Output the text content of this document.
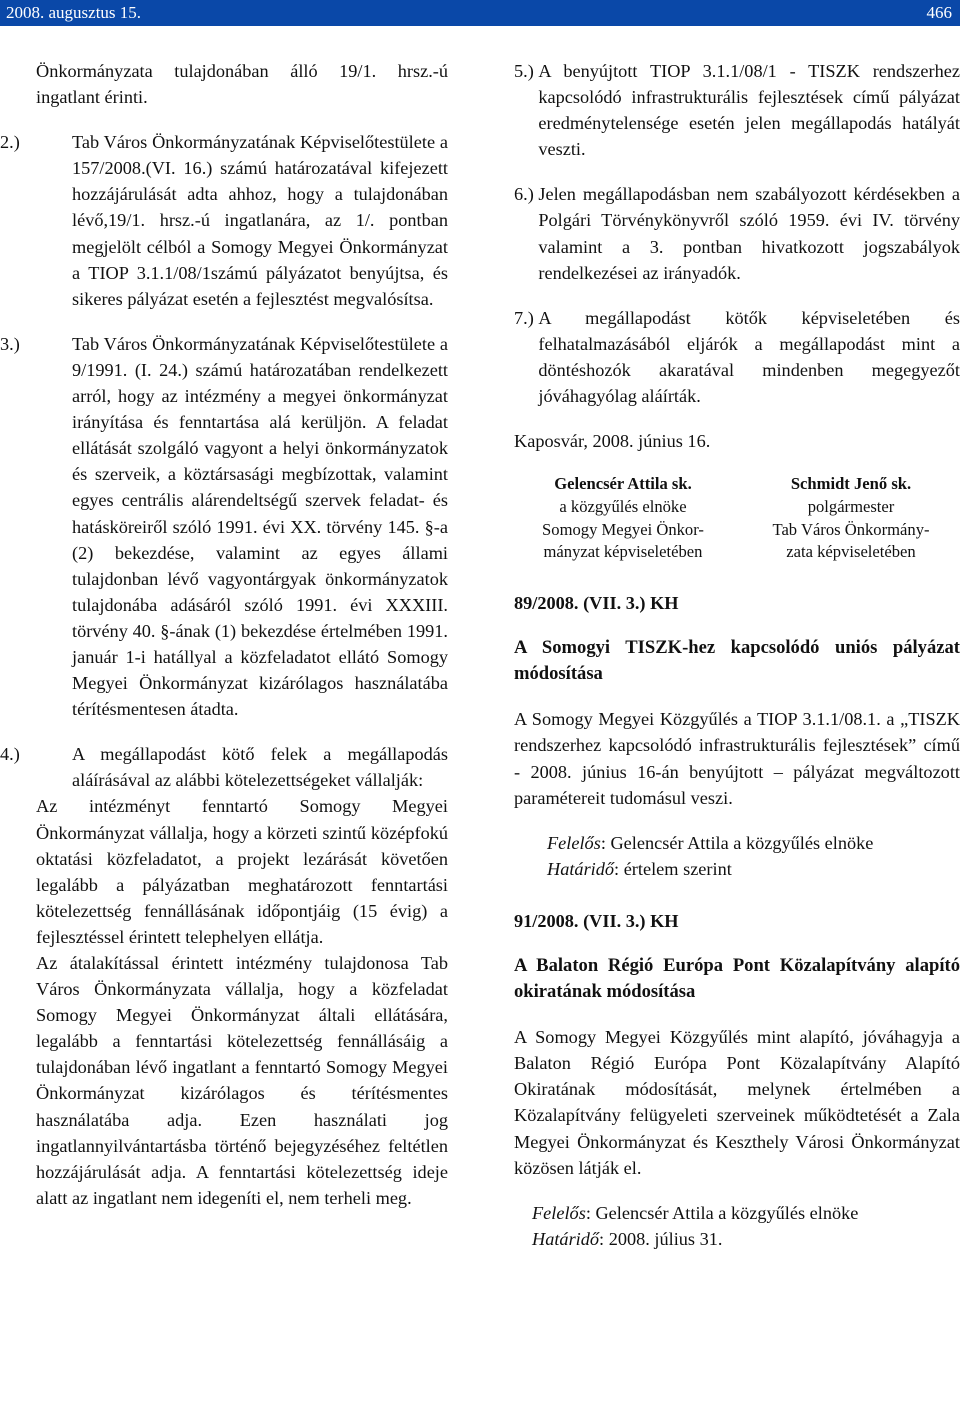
2008. augusztus 15.	466

Önkormányzata tulajdonában álló 19/1. hrsz.-ú ingatlant érinti.

2.)	Tab Város Önkormányzatának Képviselőtestülete a 157/2008.(VI. 16.) számú határozatával kifejezett hozzájárulását adta ahhoz, hogy a tulajdonában lévő,19/1. hrsz.-ú ingatlanára, az 1/. pontban megjelölt célból a Somogy Megyei Önkormányzat a TIOP 3.1.1/08/1számú pályázatot benyújtsa, és sikeres pályázat esetén a fejlesztést megvalósítsa.
3.)	Tab Város Önkormányzatának Képviselőtestülete a 9/1991. (I. 24.) számú határozatában rendelkezett arról, hogy az intézmény a megyei önkormányzat irányítása és fenntartása alá kerüljön. A feladat ellátását szolgáló vagyont a helyi önkormányzatok és szerveik, a köztársasági megbízottak, valamint egyes centrális alárendeltségű szervek feladat- és hatásköreiről szóló 1991. évi XX. törvény 145. §-a (2) bekezdése, valamint az egyes állami tulajdonban lévő vagyontárgyak önkormányzatok tulajdonába adásáról szóló 1991. évi XXXIII. törvény 40. §-ának (1) bekezdése értelmében 1991. január 1-i hatállyal a közfeladatot ellátó Somogy Megyei Önkormányzat kizárólagos használatába térítésmentesen átadta.
4.)	A megállapodást kötő felek a megállapodás aláírásával az alábbi kötelezettségeket vállalják:

Az intézményt fenntartó Somogy Megyei Önkormányzat vállalja, hogy a körzeti szintű középfokú oktatási közfeladatot, a projekt lezárását követően legalább a pályázatban meghatározott fenntartási kötelezettség fennállásának időpontjáig (15 évig) a fejlesztéssel érintett telephelyen ellátja.

Az átalakítással érintett intézmény tulajdonosa Tab Város Önkormányzata vállalja, hogy a közfeladat Somogy Megyei Önkormányzat általi ellátására, legalább a fenntartási kötelezettség fennállásáig a tulajdonában lévő ingatlant a fenntartó Somogy Megyei Önkormányzat kizárólagos és térítésmentes használatába adja. Ezen használati jog ingatlannyilvántartásba történő bejegyzéséhez feltétlen hozzájárulását adja. A fenntartási kötelezettség ideje alatt az ingatlant nem idegeníti el, nem terheli meg.

5.) A benyújtott TIOP 3.1.1/08/1 - TISZK rendszerhez kapcsolódó infrastrukturális fejlesztések című pályázat eredménytelensége esetén jelen megállapodás hatályát veszti.
6.) Jelen megállapodásban nem szabályozott kérdésekben a Polgári Törvénykönyvről szóló 1959. évi IV. törvény valamint a 3. pontban hivatkozott jogszabályok rendelkezései az irányadók.
7.) A megállapodást kötők képviseletében és felhatalmazásából eljárók a megállapodást mint a döntéshozók akaratával mindenben megegyezőt jóváhagyólag aláírták.

Kaposvár, 2008. június 16.

Gelencsér Attila sk.
a közgyűlés elnöke
Somogy Megyei Önkor-
mányzat képviseletében
Schmidt Jenő sk.
polgármester
Tab Város Önkormány-
zata képviseletében

89/2008. (VII. 3.) KH

A Somogyi TISZK-hez kapcsolódó uniós pályázat módosítása

A Somogy Megyei Közgyűlés a TIOP 3.1.1/08.1. a „TISZK rendszerhez kapcsolódó infrastrukturális fejlesztések” című - 2008. június 16-án benyújtott – pályázat megváltozott paramétereit tudomásul veszi.

Felelős: Gelencsér Attila a közgyűlés elnöke

Határidő: értelem szerint

91/2008. (VII. 3.) KH

A Balaton Régió Európa Pont Közalapítvány alapító okiratának módosítása

A Somogy Megyei Közgyűlés mint alapító, jóváhagyja a Balaton Régió Európa Pont Közalapítvány Alapító Okiratának módosítását, melynek értelmében a Közalapítvány felügyeleti szerveinek működtetését a Zala Megyei Önkormányzat és Keszthely Városi Önkormányzat közösen látják el.

Felelős: Gelencsér Attila a közgyűlés elnöke

Határidő: 2008. július 31.
